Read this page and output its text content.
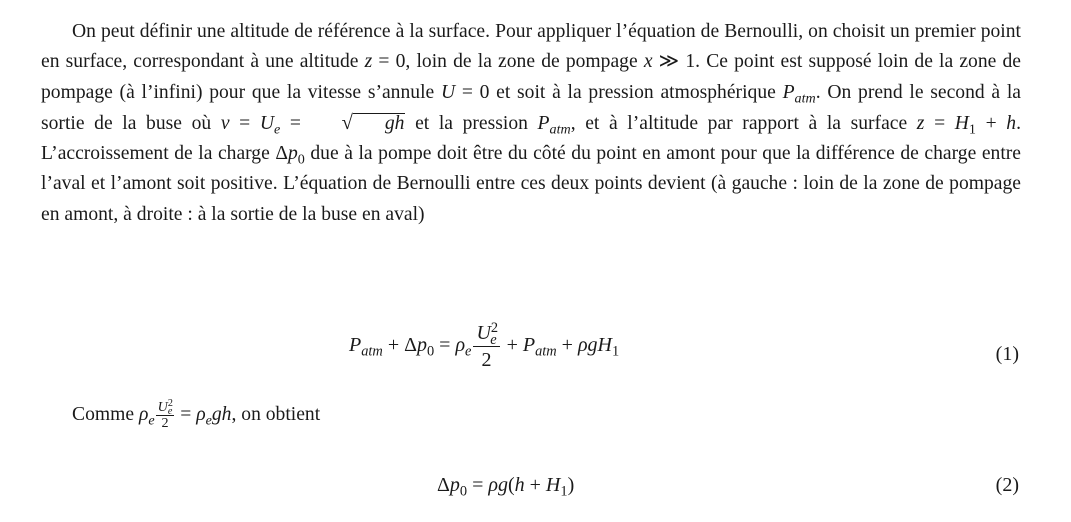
On peut définir une altitude de référence à la surface. Pour appliquer l’équation de Bernoulli, on choisit un premier point en surface, correspondant à une altitude z = 0, loin de la zone de pompage x ≫ 1. Ce point est supposé loin de la zone de pompage (à l’infini) pour que la vitesse s’annule U = 0 et soit à la pression atmosphérique $P_{atm}$. On prend le second à la sortie de la buse où $v = U_e$ = √ gh et la pression $P_{atm}$, et à l’altitude par rapport à la surface $z = H_1 + h$. L’accroissement de la charge $\Delta p_0$ due à la pompe doit être du côté du point en amont pour que la différence de charge entre l’aval et l’amont soit positive. L’équation de Bernoulli entre ces deux points devient (à gauche : loin de la zone de pompage en amont, à droite : à la sortie de la buse en aval)

$P_{atm} + \Delta p_0 = \rho_e \frac{U^2_e}{2} + P_{atm} + \rho gH_1$	(1)
Comme $\rho_e \frac{U^2_e}{2} = \rho_egh$, on obtient
$\Delta p_0 = \rho g(h + H_1)$	(2)
